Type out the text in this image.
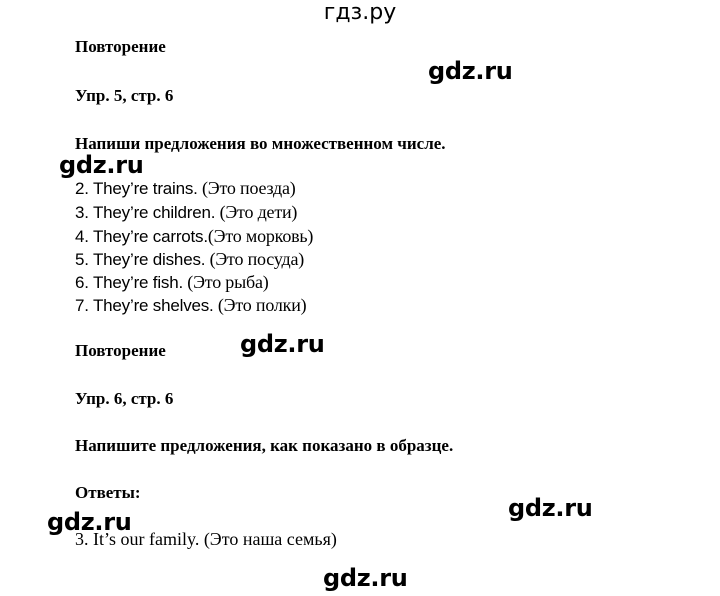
гдз.ру
Повторение
Упр. 5, стр. 6
Напиши предложения во множественном числе.
2. They’re trains. (Это поезда)
3. They’re children. (Это дети)
4. They’re carrots.(Это морковь)
5. They’re dishes. (Это посуда)
6. They’re fish. (Это рыба)
7. They’re shelves. (Это полки)
Повторение
Упр. 6, стр. 6
Напишите предложения, как показано в образце.
Ответы:
3. It’s our family. (Это наша семья)
gdz.ru
gdz.ru
gdz.ru
gdz.ru
gdz.ru
gdz.ru
